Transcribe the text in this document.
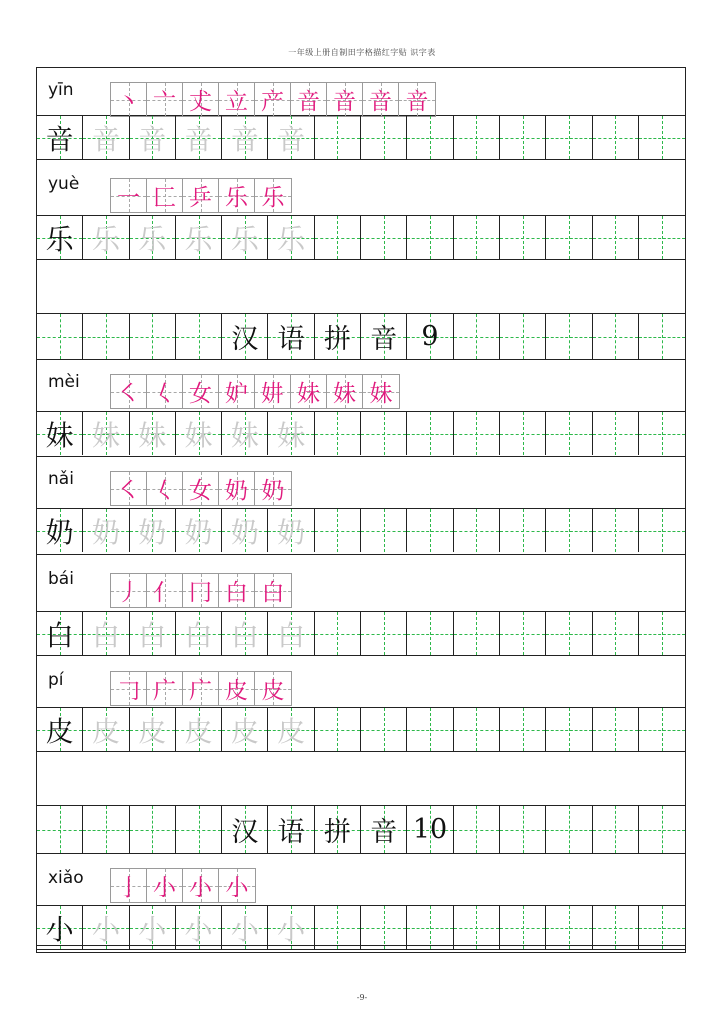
一年级上册自制田字格描红字贴 识字表
yīn 丶 亠 𠀋 立 产 音 音 音 音
音 音 音 音 音 音
yuè
一 匚 乒 乐 乐
乐 乐 乐 乐 乐 乐
汉 语 拼 音 9
mèi ㇛ 𡿨 女 妒 妌 妹 妹 妹
妹 妹 妹 妹 妹 妹
nǎi ㇛ 𡿨 女 奶 奶
奶 奶 奶 奶 奶 奶
bái
丿 亻 冂 白 白
白 白 白 白 白 白
pí 𠃌 广 广 皮 皮
皮 皮 皮 皮 皮 皮
汉 语 拼 音 10
xiǎo 亅 小 小 小
小 小 小 小 小 小
-9-
